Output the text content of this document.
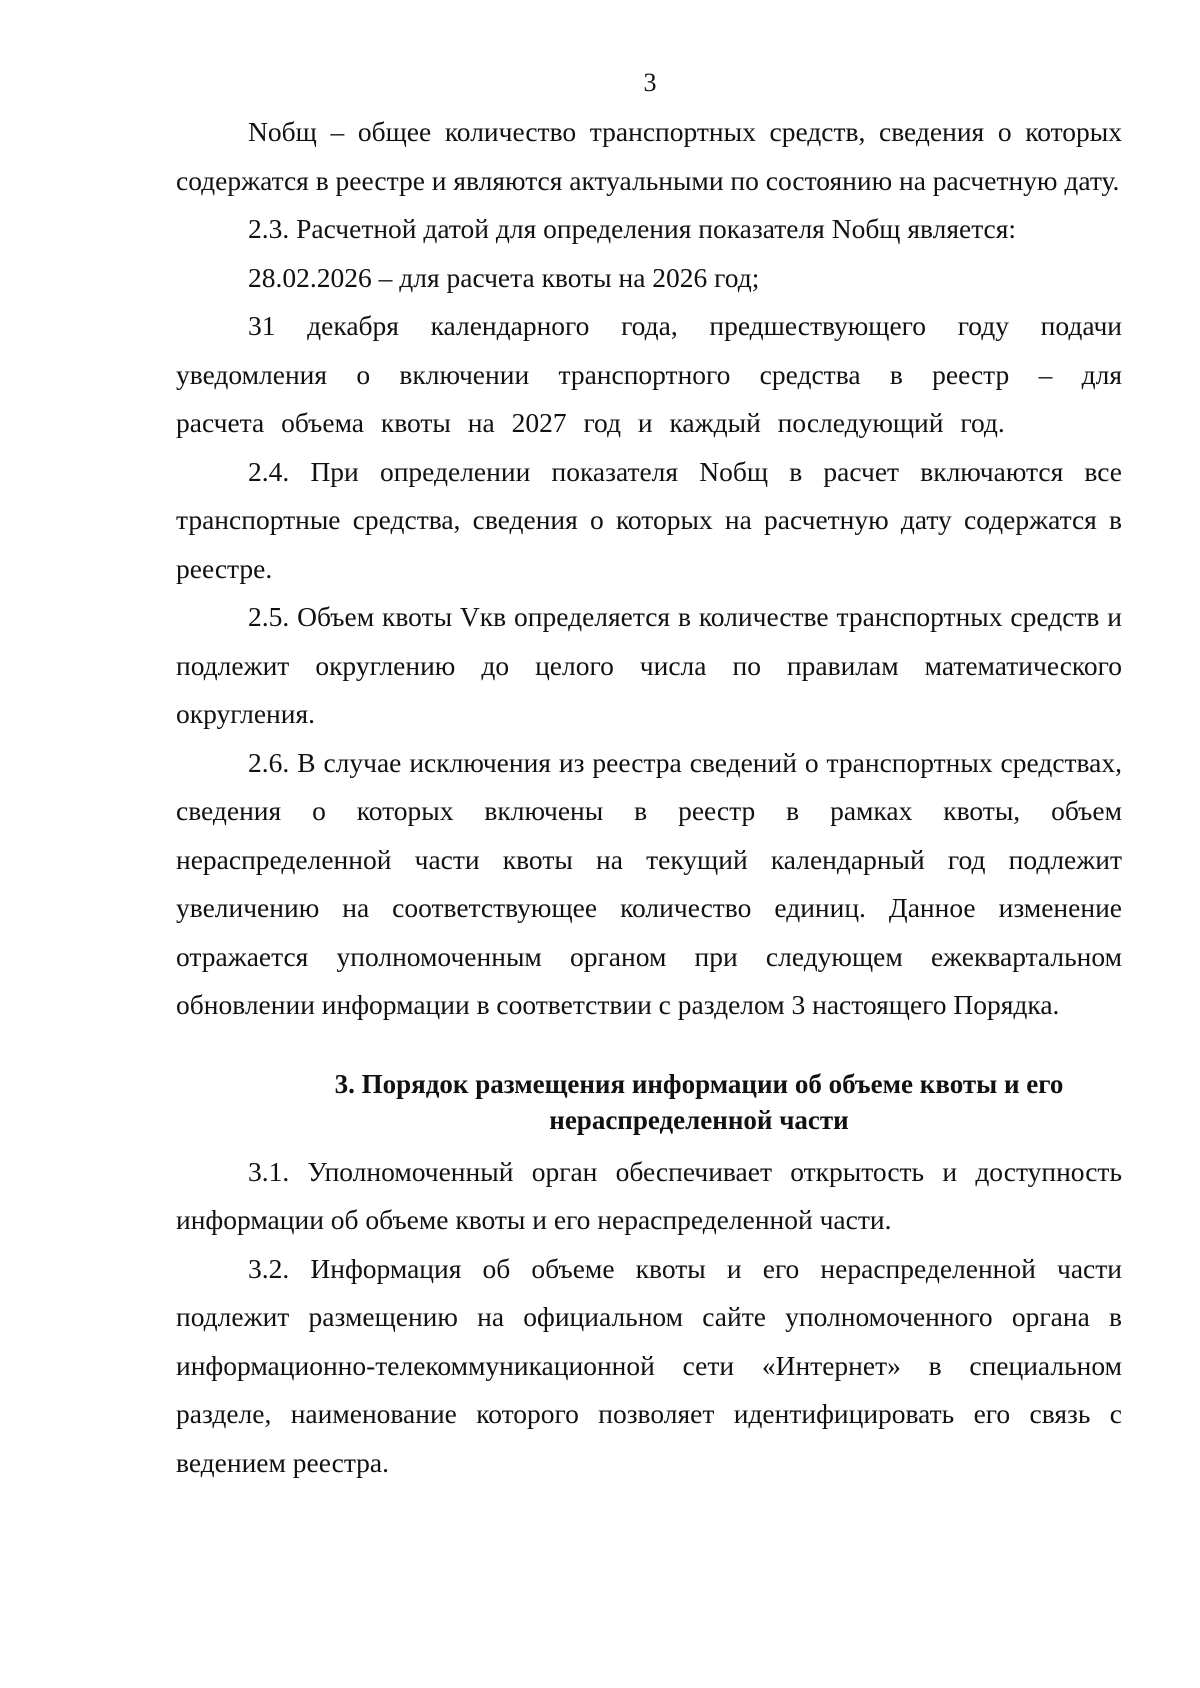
3

Nобщ – общее количество транспортных средств, сведения о которых содержатся в реестре и являются актуальными по состоянию на расчетную дату.

2.3. Расчетной датой для определения показателя Nобщ является:

28.02.2026 – для расчета квоты на 2026 год;

31 декабря календарного года, предшествующего году подачи уведомления о включении транспортного средства в реестр – для расчета объема квоты на 2027 год и каждый последующий год.

2.4. При определении показателя Nобщ в расчет включаются все транспортные средства, сведения о которых на расчетную дату содержатся в реестре.

2.5. Объем квоты Vкв определяется в количестве транспортных средств и подлежит округлению до целого числа по правилам математического округления.

2.6. В случае исключения из реестра сведений о транспортных средствах, сведения о которых включены в реестр в рамках квоты, объем нераспределенной части квоты на текущий календарный год подлежит увеличению на соответствующее количество единиц. Данное изменение отражается уполномоченным органом при следующем ежеквартальном обновлении информации в соответствии с разделом 3 настоящего Порядка.

3. Порядок размещения информации об объеме квоты и его
нераспределенной части

3.1. Уполномоченный орган обеспечивает открытость и доступность информации об объеме квоты и его нераспределенной части.

3.2. Информация об объеме квоты и его нераспределенной части подлежит размещению на официальном сайте уполномоченного органа в информационно-телекоммуникационной сети «Интернет» в специальном разделе, наименование которого позволяет идентифицировать его связь с ведением реестра.
